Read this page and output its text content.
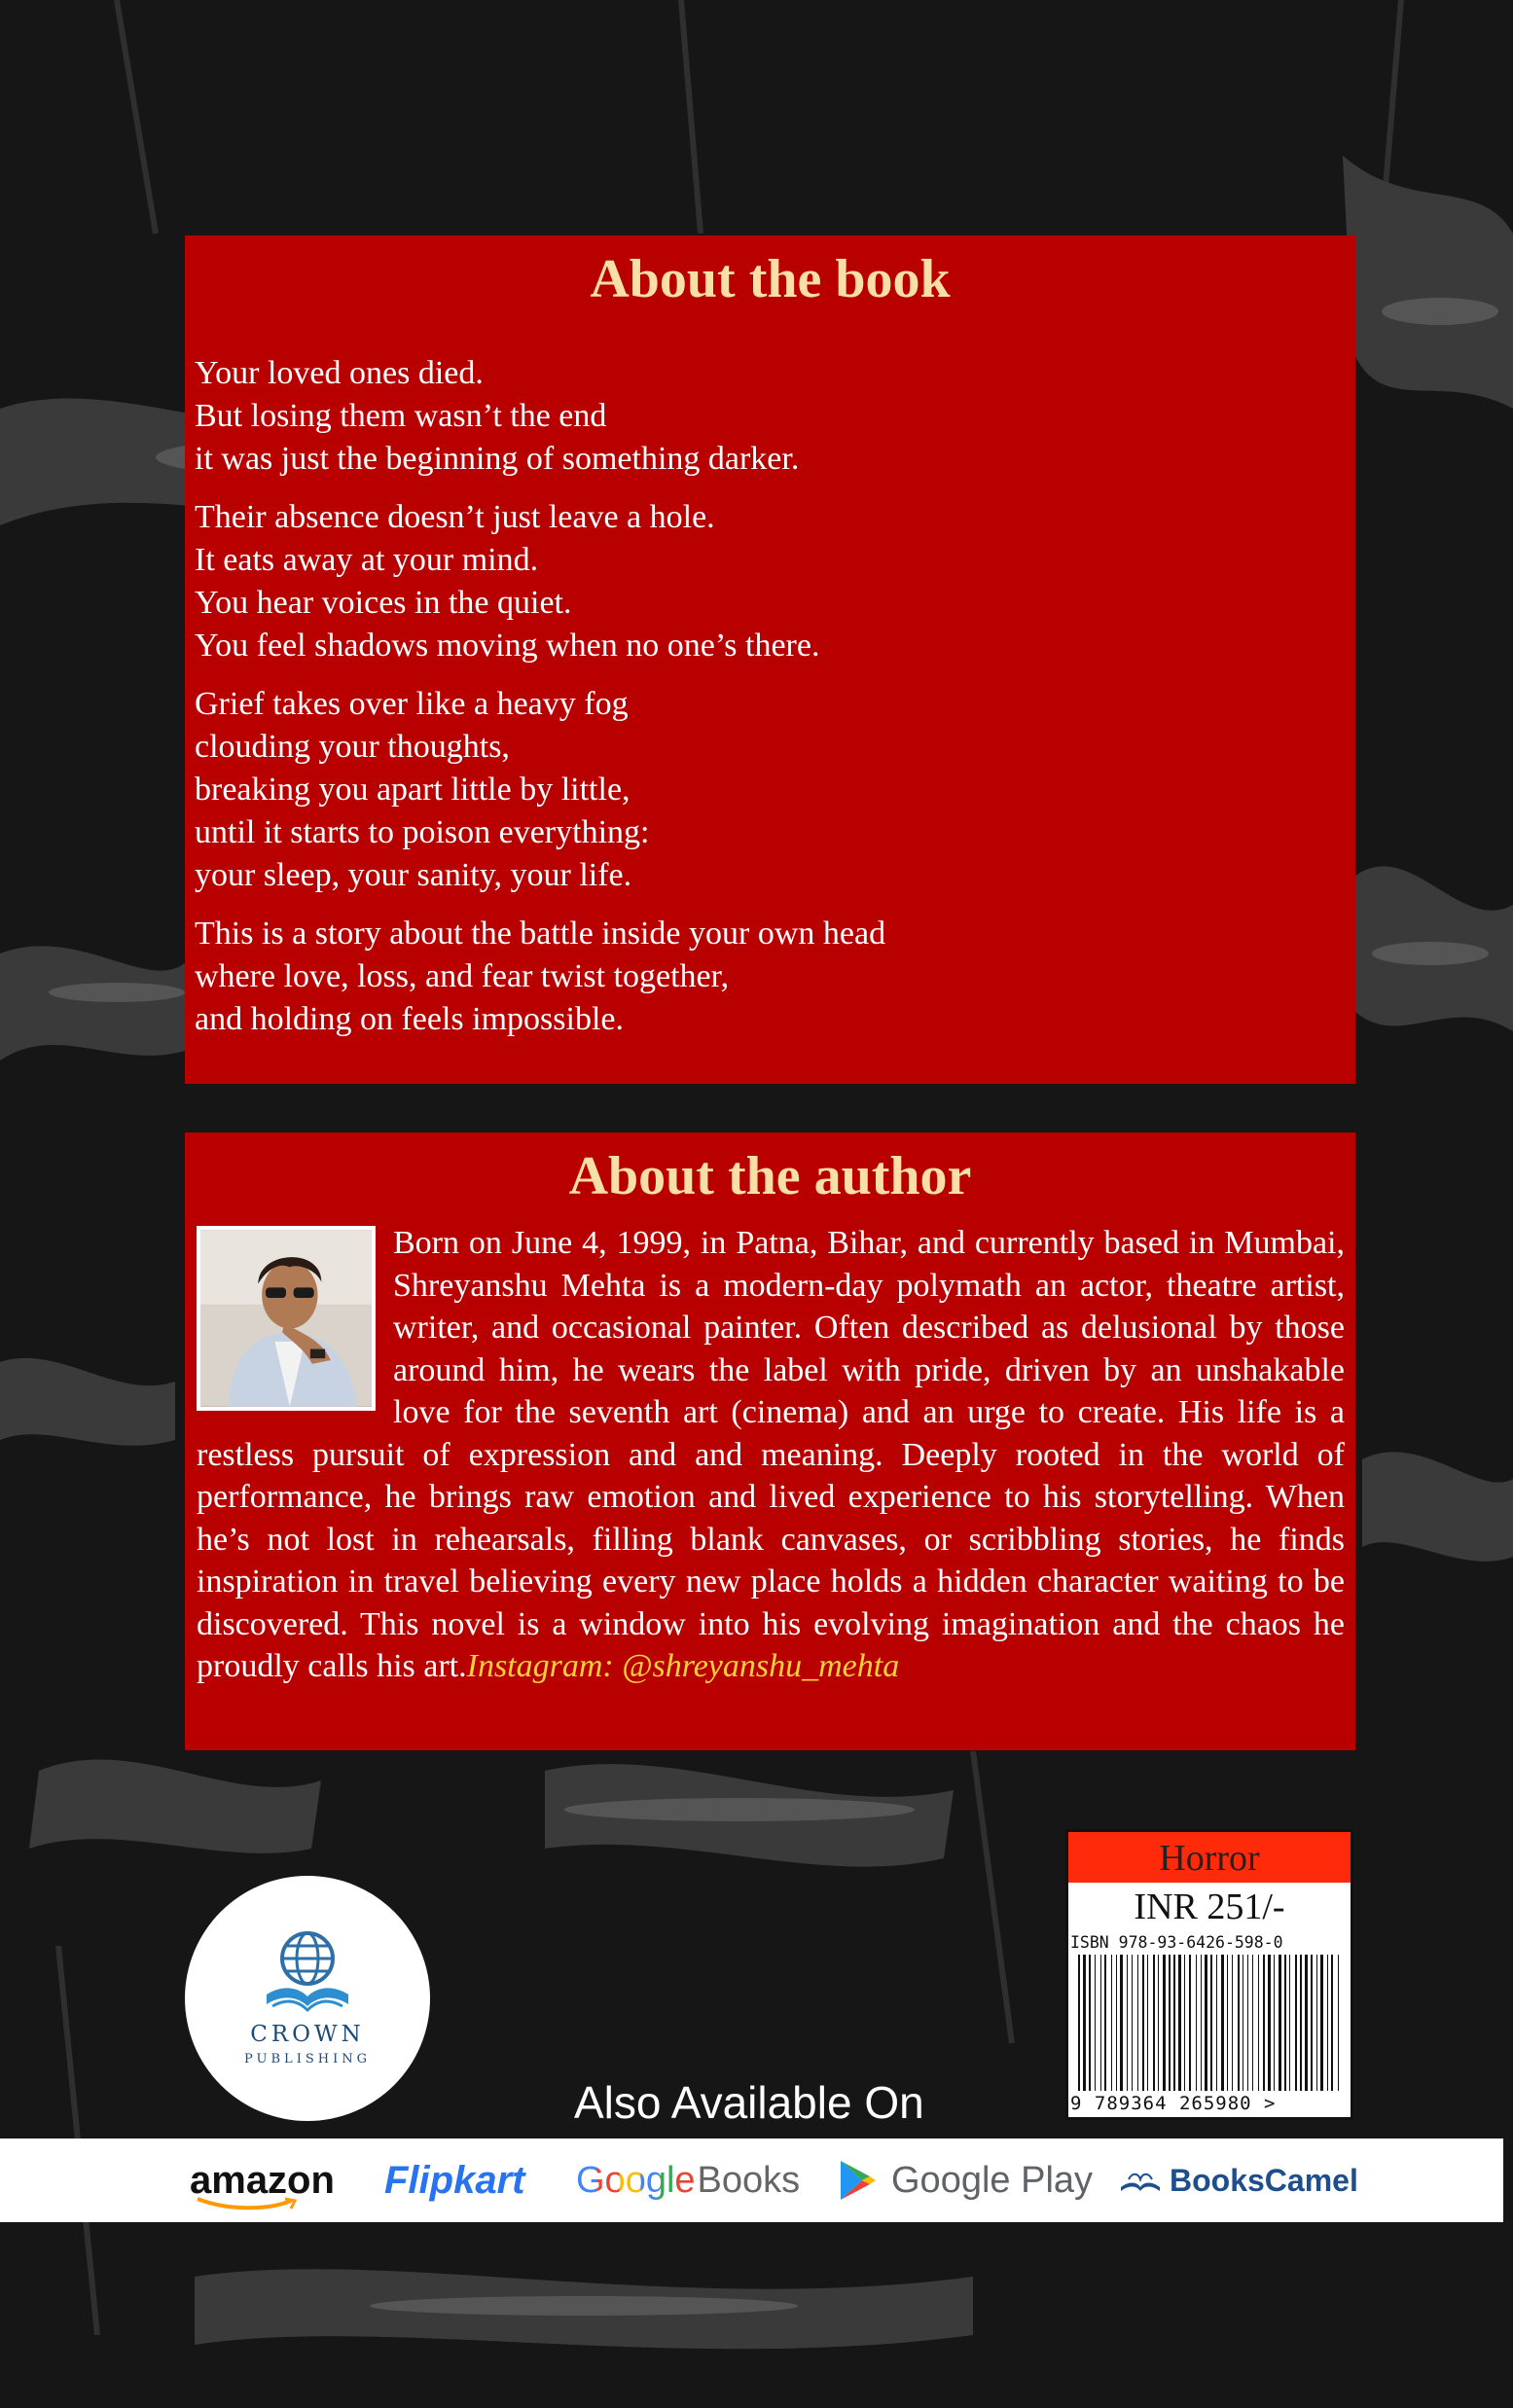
About the book

Your loved ones died.
But losing them wasn’t the end
it was just the beginning of something darker.

Their absence doesn’t just leave a hole.
It eats away at your mind.
You hear voices in the quiet.
You feel shadows moving when no one’s there.

Grief takes over like a heavy fog
clouding your thoughts,
breaking you apart little by little,
until it starts to poison everything:
your sleep, your sanity, your life.

This is a story about the battle inside your own head
where love, loss, and fear twist together,
and holding on feels impossible.

About the author
Born on June 4, 1999, in Patna, Bihar, and currently based in Mumbai, Shreyanshu Mehta is a modern-day polymath an actor, theatre artist, writer, and occasional painter. Often described as delusional by those around him, he wears the label with pride, driven by an unshakable love for the seventh art (cinema) and an urge to create. His life is a restless pursuit of expression and and meaning. Deeply rooted in the world of performance, he brings raw emotion and lived experience to his storytelling. When he’s not lost in rehearsals, filling blank canvases, or scribbling stories, he finds inspiration in travel believing every new place holds a hidden character waiting to be discovered. This novel is a window into his evolving imagination and the chaos he proudly calls his art.Instagram: @shreyanshu_mehta
CROWN
PUBLISHING
Horror
INR 251/-
ISBN 978-93-6426-598-0
9 789364 265980 >
Also Available On
amazon Flipkart Google Books Google Play BooksCamel
